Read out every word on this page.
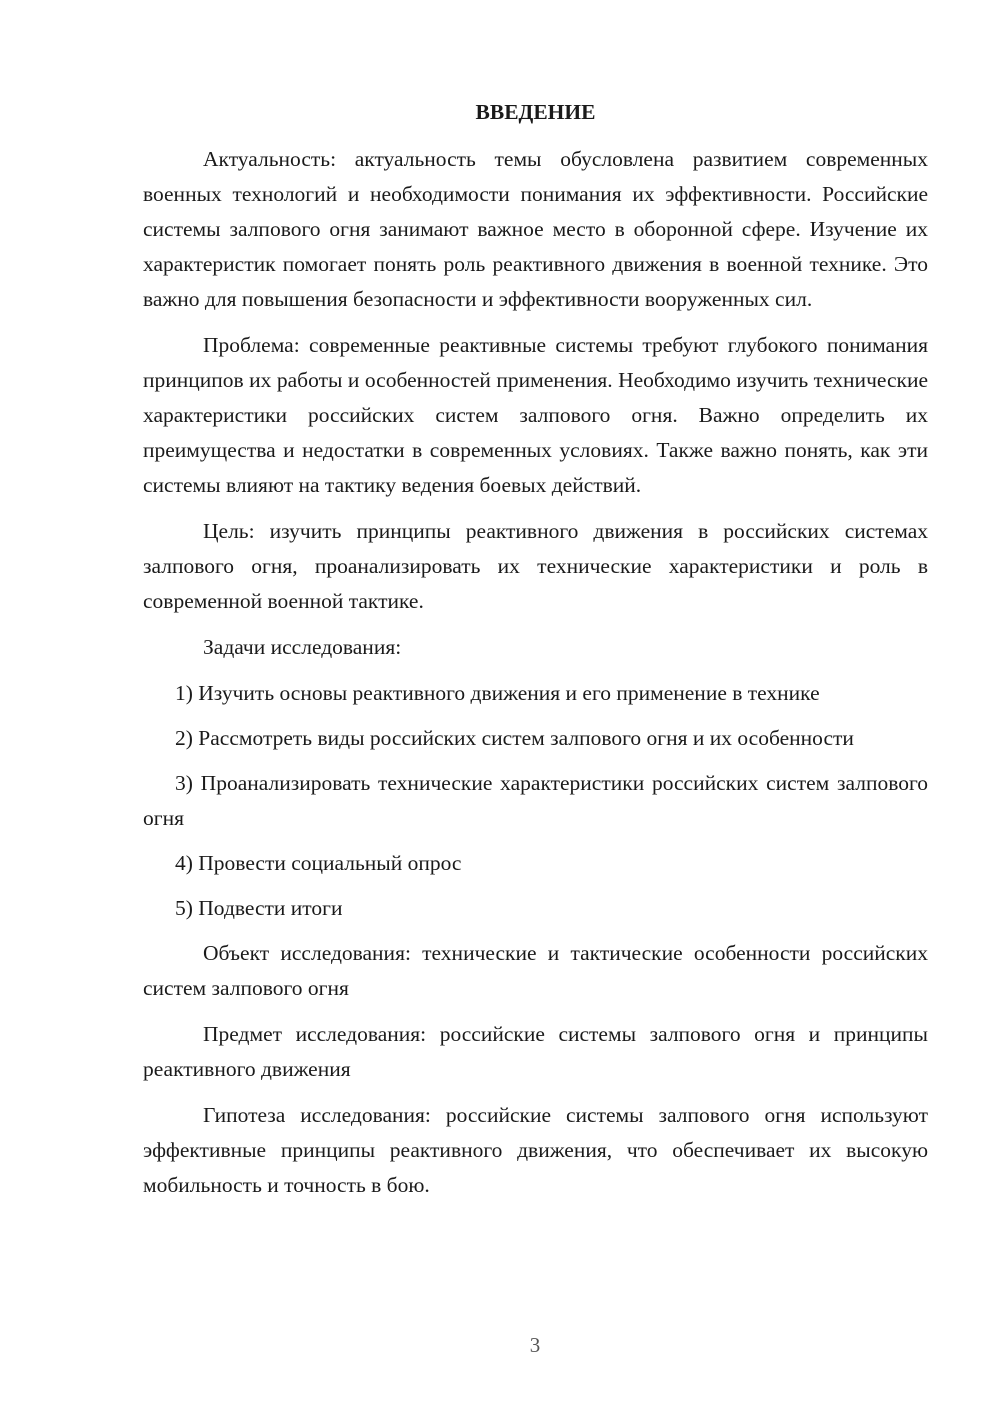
ВВЕДЕНИЕ

Актуальность: актуальность темы обусловлена развитием современных военных технологий и необходимости понимания их эффективности. Российские системы залпового огня занимают важное место в оборонной сфере. Изучение их характеристик помогает понять роль реактивного движения в военной технике. Это важно для повышения безопасности и эффективности вооруженных сил.

Проблема: современные реактивные системы требуют глубокого понимания принципов их работы и особенностей применения. Необходимо изучить технические характеристики российских систем залпового огня. Важно определить их преимущества и недостатки в современных условиях. Также важно понять, как эти системы влияют на тактику ведения боевых действий.

Цель: изучить принципы реактивного движения в российских системах залпового огня, проанализировать их технические характеристики и роль в современной военной тактике.

Задачи исследования:

1) Изучить основы реактивного движения и его применение в технике

2) Рассмотреть виды российских систем залпового огня и их особенности

3) Проанализировать технические характеристики российских систем залпового огня

4) Провести социальный опрос

5) Подвести итоги

Объект исследования: технические и тактические особенности российских систем залпового огня

Предмет исследования: российские системы залпового огня и принципы реактивного движения

Гипотеза исследования: российские системы залпового огня используют эффективные принципы реактивного движения, что обеспечивает их высокую мобильность и точность в бою.

3
